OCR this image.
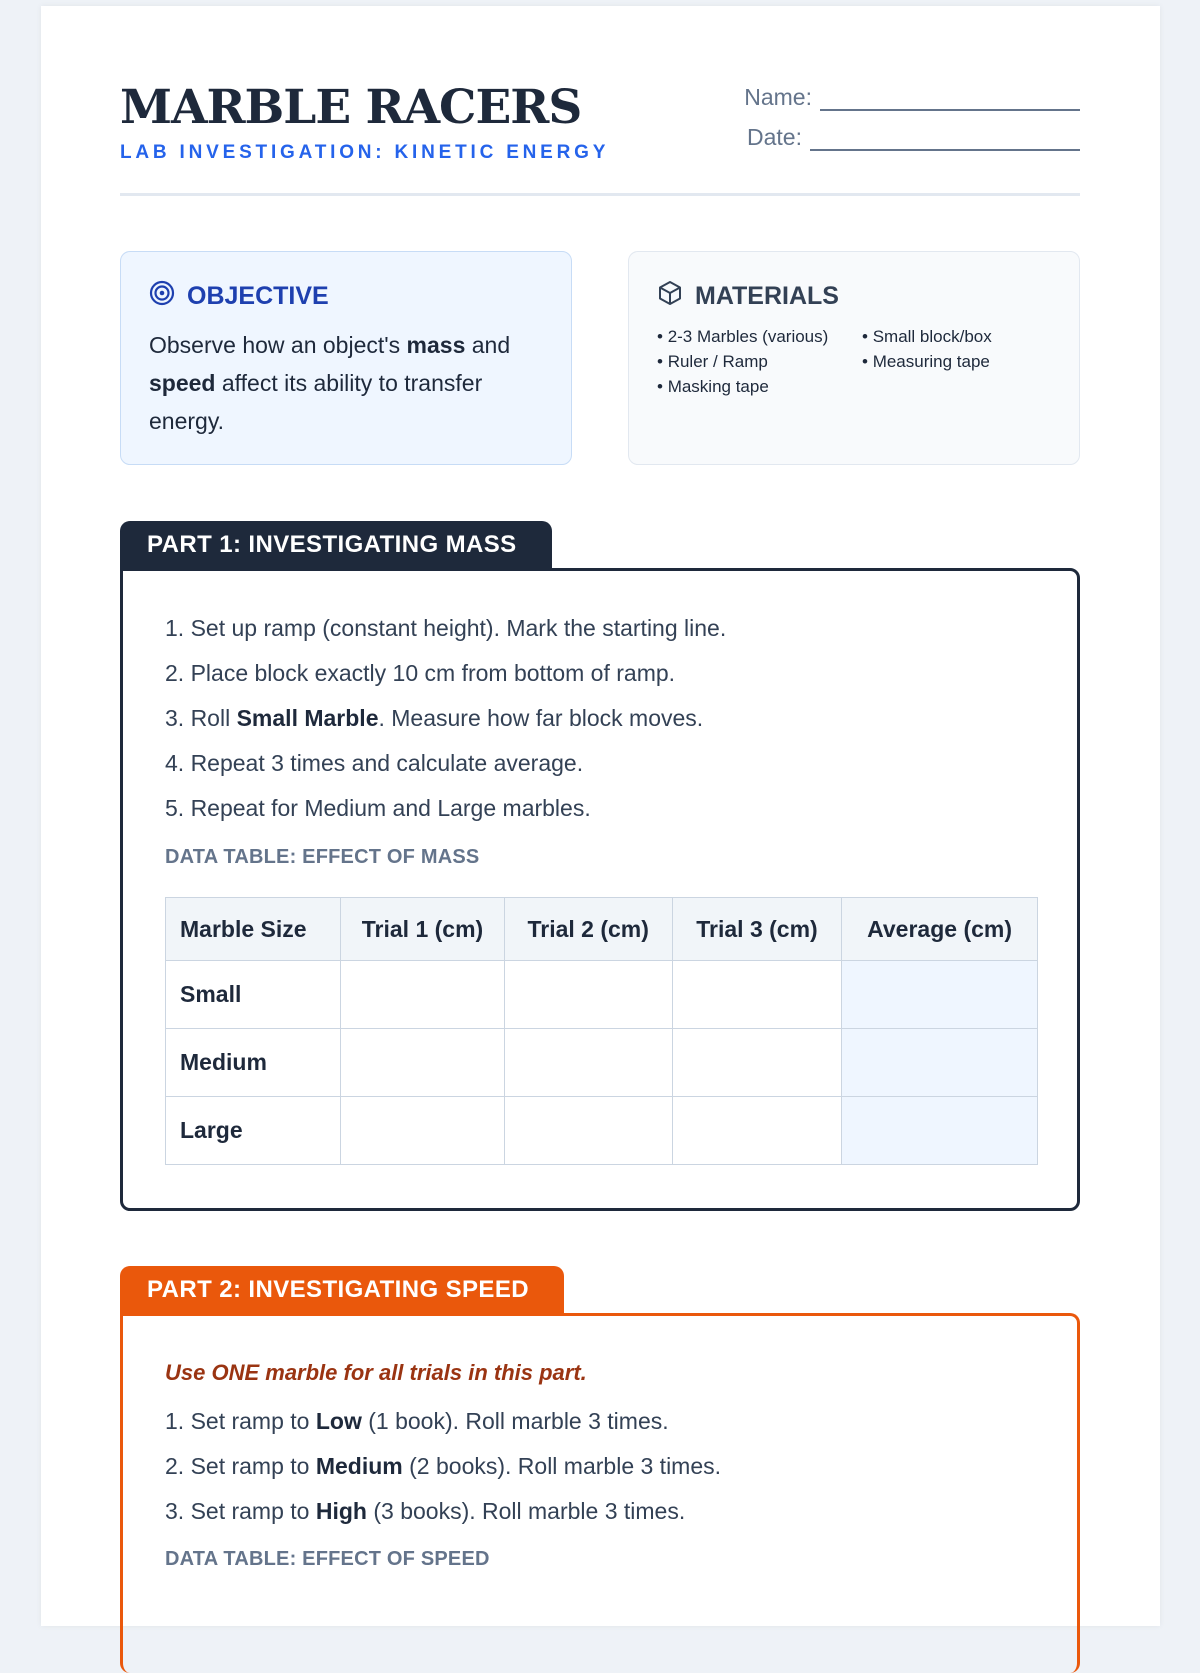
MARBLE RACERS
LAB INVESTIGATION: KINETIC ENERGY
Name:
Date:
OBJECTIVE
Observe how an object's mass and speed affect its ability to transfer energy.
MATERIALS
• 2-3 Marbles (various)	• Small block/box
• Ruler / Ramp	• Measuring tape
• Masking tape
PART 1: INVESTIGATING MASS
1. Set up ramp (constant height). Mark the starting line.
2. Place block exactly 10 cm from bottom of ramp.
3. Roll Small Marble. Measure how far block moves.
4. Repeat 3 times and calculate average.
5. Repeat for Medium and Large marbles.
DATA TABLE: EFFECT OF MASS
Marble Size	Trial 1 (cm)	Trial 2 (cm)	Trial 3 (cm)	Average (cm)
Small				
Medium				
Large				
PART 2: INVESTIGATING SPEED
Use ONE marble for all trials in this part.
1. Set ramp to Low (1 book). Roll marble 3 times.
2. Set ramp to Medium (2 books). Roll marble 3 times.
3. Set ramp to High (3 books). Roll marble 3 times.
DATA TABLE: EFFECT OF SPEED
